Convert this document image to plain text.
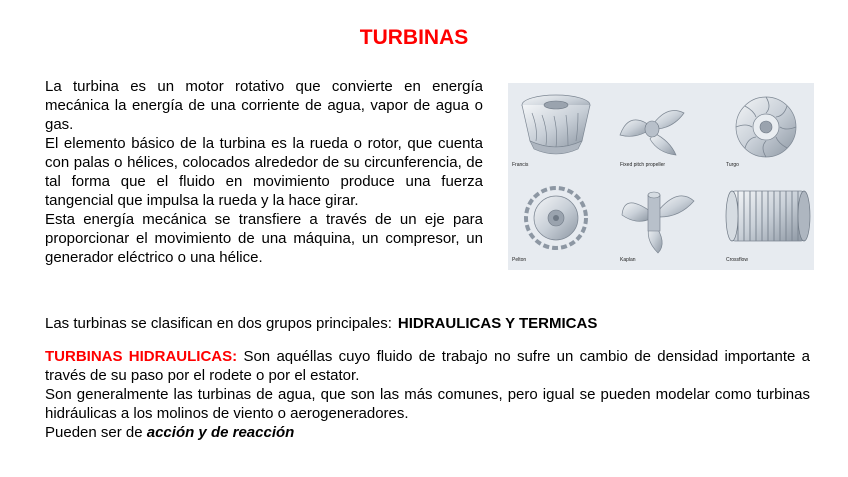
TURBINAS

La turbina es un motor rotativo que convierte en energía mecánica la energía de una corriente de agua, vapor de agua o gas.

El elemento básico de la turbina es la rueda o rotor, que cuenta con palas o hélices, colocados alrededor de su circunferencia, de tal forma que el fluido en movimiento produce una fuerza tangencial que impulsa la rueda y la hace girar.

Esta energía mecánica se transfiere a través de un eje para proporcionar el movimiento de una máquina, un compresor, un generador eléctrico o una hélice.

Francis	Fixed pitch propeller	Turgo
Pelton	Kaplan	Crossflow
Las turbinas se clasifican en dos grupos principales: HIDRAULICAS Y TERMICAS

TURBINAS HIDRAULICAS: Son aquéllas cuyo fluido de trabajo no sufre un cambio de densidad importante a través de su paso por el rodete o por el estator.

Son generalmente las turbinas de agua, que son las más comunes, pero igual se pueden modelar como turbinas hidráulicas a los molinos de viento o aerogeneradores.

Pueden ser de acción y de reacción
